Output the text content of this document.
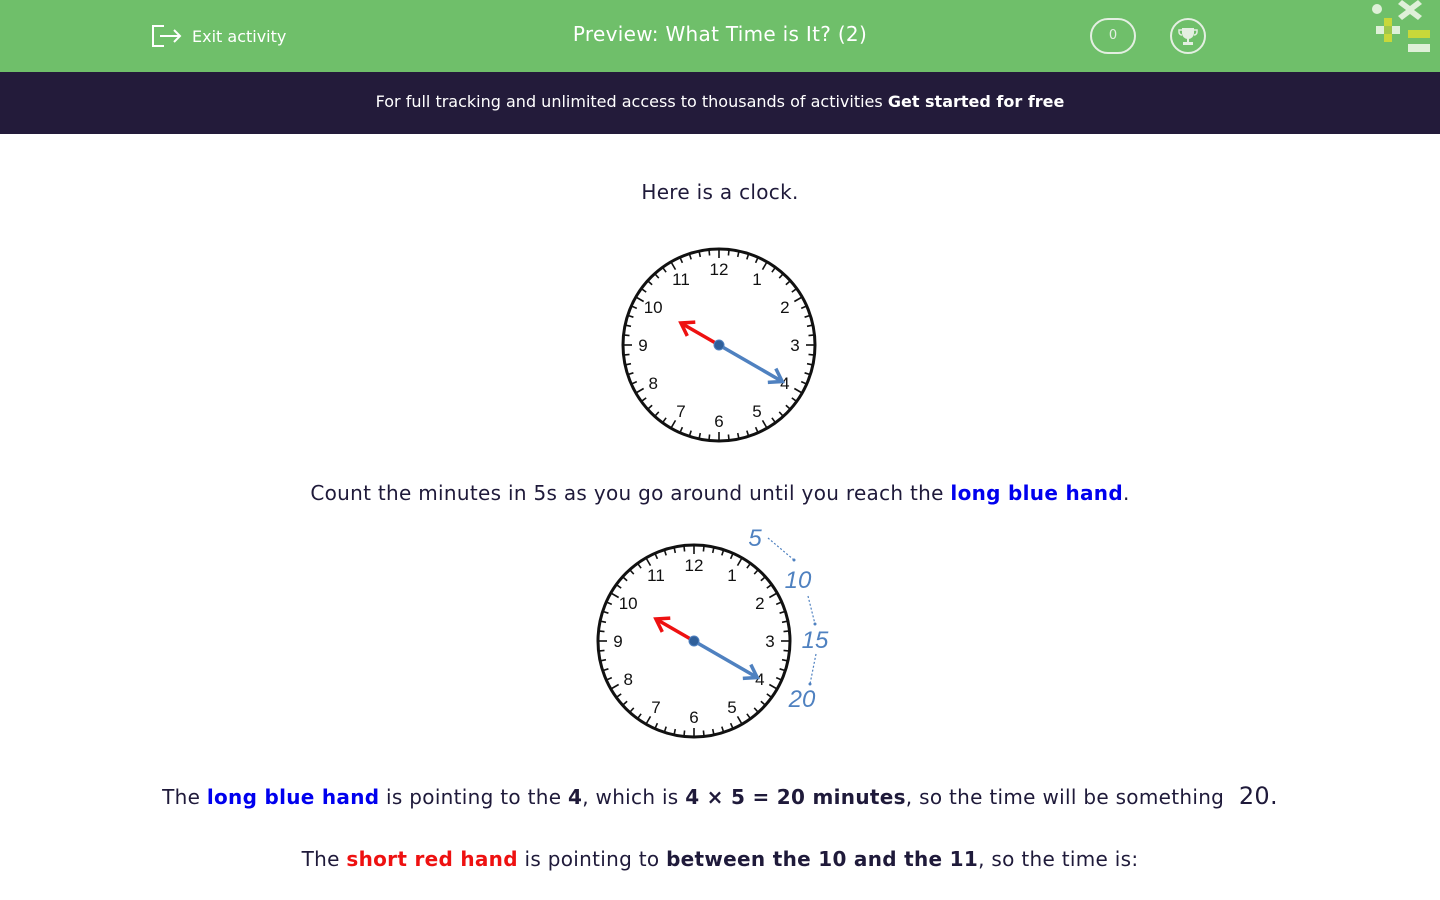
Exit activity	Preview: What Time is It? (2)	0
For full tracking and unlimited access to thousands of activities Get started for free
Here is a clock.
12
1
2
3
4
5
6
7
8
9
10
11
Count the minutes in 5s as you go around until you reach the long blue hand.
12
1
2
3
4
5
6
7
8
9
10
11
5
10
15
20
The long blue hand is pointing to the 4, which is 4 × 5 = 20 minutes, so the time will be something 20.
The short red hand is pointing to between the 10 and the 11, so the time is:
